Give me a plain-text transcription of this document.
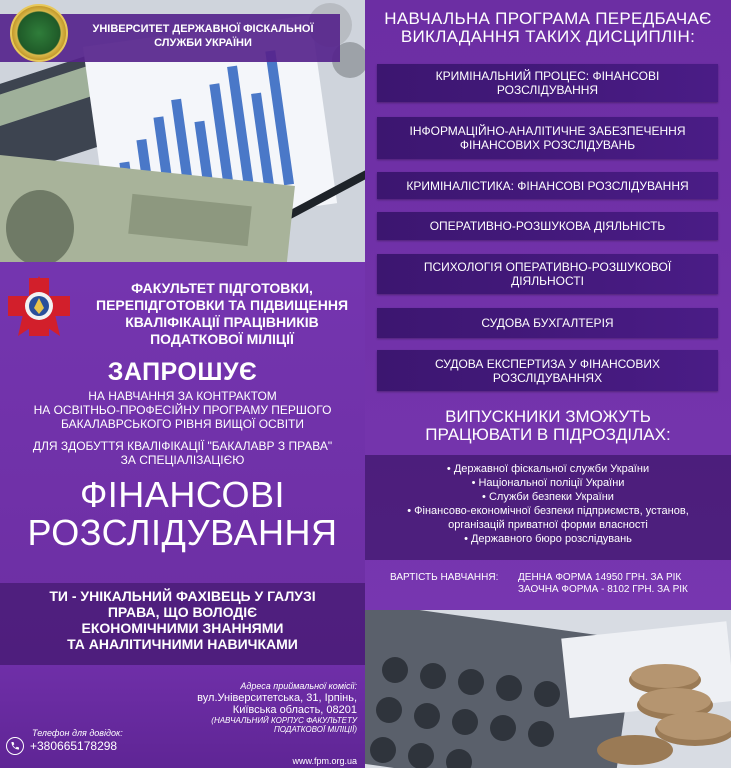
УНІВЕРСИТЕТ ДЕРЖАВНОЇ ФІСКАЛЬНОЇ СЛУЖБИ УКРАЇНИ
ФАКУЛЬТЕТ ПІДГОТОВКИ, ПЕРЕПІДГОТОВКИ ТА ПІДВИЩЕННЯ КВАЛІФІКАЦІЇ ПРАЦІВНИКІВ ПОДАТКОВОЇ МІЛІЦІЇ
ЗАПРОШУЄ

НА НАВЧАННЯ ЗА КОНТРАКТОМ

НА ОСВІТНЬО-ПРОФЕСІЙНУ ПРОГРАМУ ПЕРШОГО

БАКАЛАВРСЬКОГО РІВНЯ ВИЩОЇ ОСВІТИ

ДЛЯ ЗДОБУТТЯ КВАЛІФІКАЦІЇ "БАКАЛАВР З ПРАВА"

ЗА СПЕЦІАЛІЗАЦІЄЮ

ФІНАНСОВІ
РОЗСЛІДУВАННЯ
ТИ - УНІКАЛЬНИЙ ФАХІВЕЦЬ У ГАЛУЗІ
ПРАВА, ЩО ВОЛОДІЄ
ЕКОНОМІЧНИМИ ЗНАННЯМИ
ТА АНАЛІТИЧНИМИ НАВИЧКАМИ
Адреса приймальної комісії:
вул.Університетська, 31, Ірпінь,
Київська область, 08201
(НАВЧАЛЬНИЙ КОРПУС ФАКУЛЬТЕТУ
ПОДАТКОВОЇ МІЛІЦІЇ)
www.fpm.org.ua
Телефон для довідок:
+380665178298
НАВЧАЛЬНА ПРОГРАМА ПЕРЕДБАЧАЄ
ВИКЛАДАННЯ ТАКИХ ДИСЦИПЛІН:
КРИМІНАЛЬНИЙ ПРОЦЕС: ФІНАНСОВІ РОЗСЛІДУВАННЯ
ІНФОРМАЦІЙНО-АНАЛІТИЧНЕ ЗАБЕЗПЕЧЕННЯ ФІНАНСОВИХ РОЗСЛІДУВАНЬ
КРИМІНАЛІСТИКА: ФІНАНСОВІ РОЗСЛІДУВАННЯ
ОПЕРАТИВНО-РОЗШУКОВА ДІЯЛЬНІСТЬ
ПСИХОЛОГІЯ ОПЕРАТИВНО-РОЗШУКОВОЇ ДІЯЛЬНОСТІ
СУДОВА БУХГАЛТЕРІЯ
СУДОВА ЕКСПЕРТИЗА У ФІНАНСОВИХ РОЗСЛІДУВАННЯХ
ВИПУСКНИКИ ЗМОЖУТЬ
ПРАЦЮВАТИ В ПІДРОЗДІЛАХ:
• Державної фіскальної служби України
• Національної поліції України
• Служби безпеки України
• Фінансово-економічної безпеки підприємств, установ,
організацій приватної форми власності
• Державного бюро розслідувань
ВАРТІСТЬ НАВЧАННЯ:	ДЕННА ФОРМА 14950 ГРН. ЗА РІК
ЗАОЧНА ФОРМА - 8102 ГРН. ЗА РІК
